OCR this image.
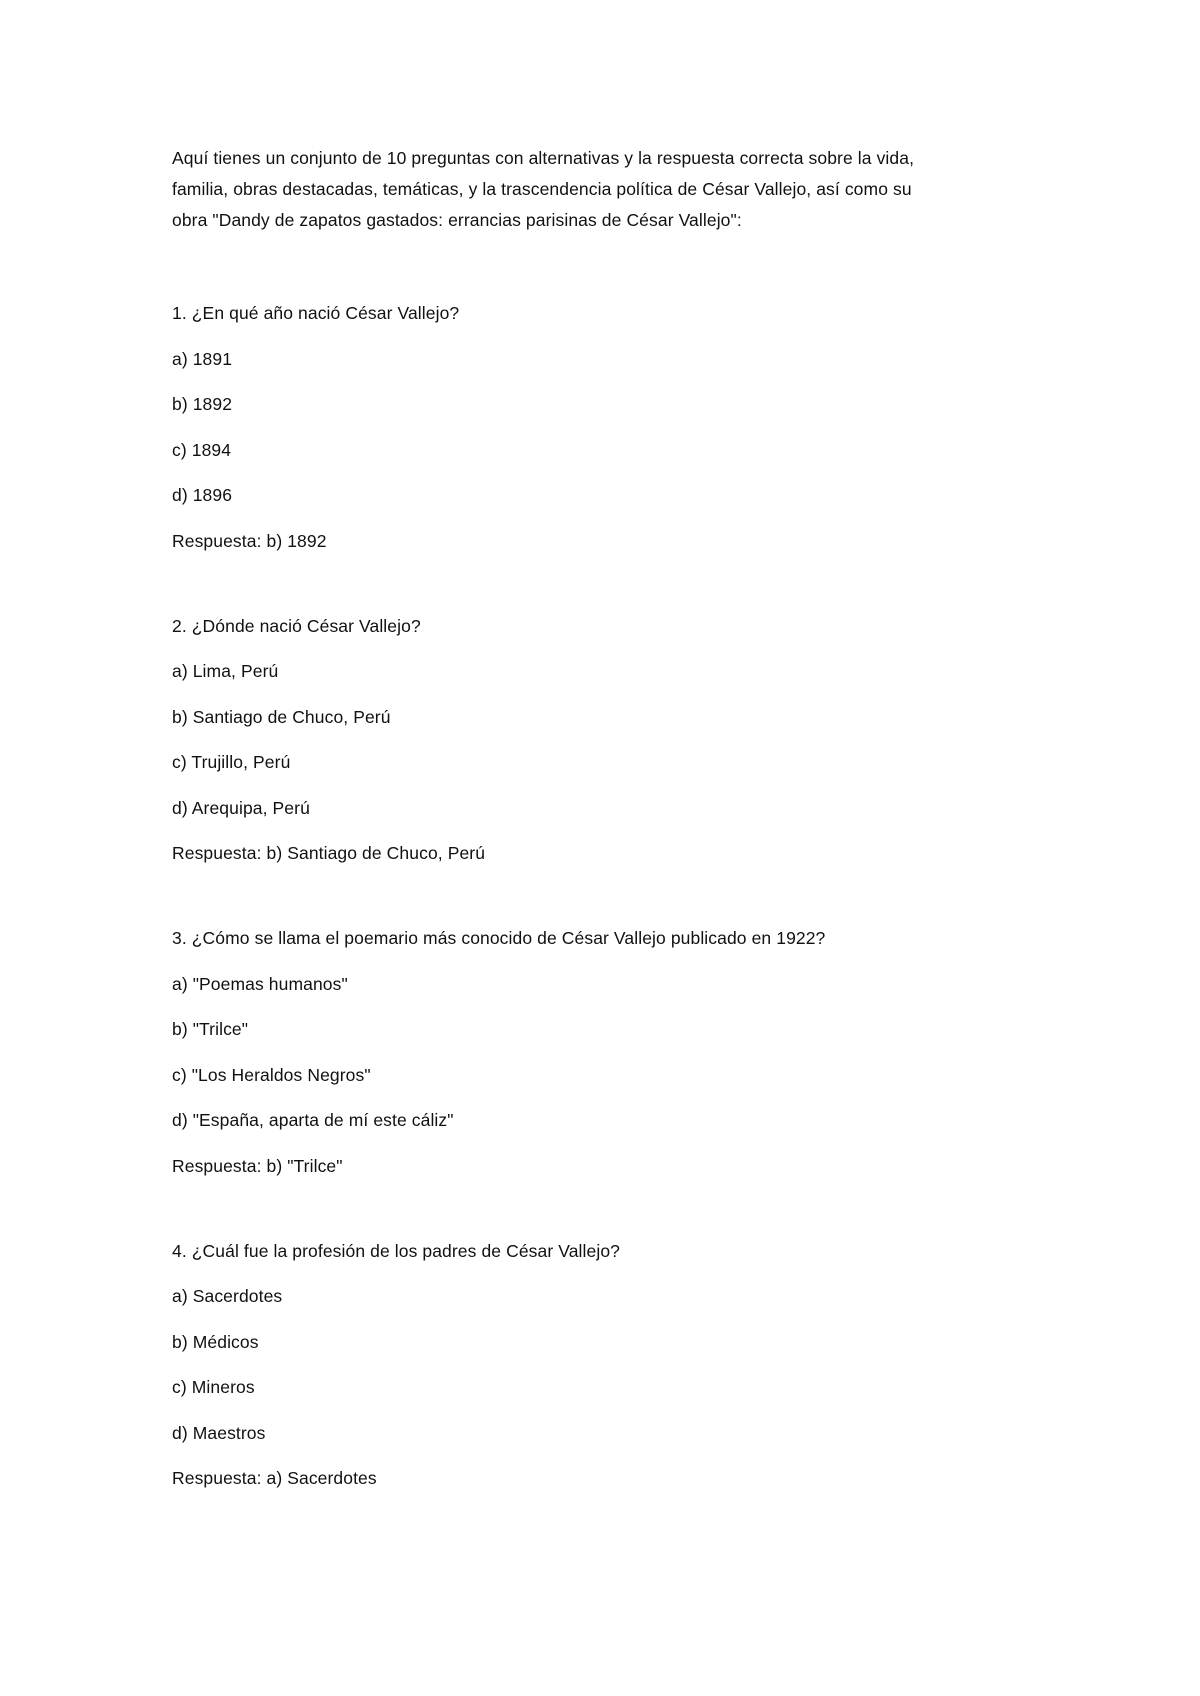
Aquí tienes un conjunto de 10 preguntas con alternativas y la respuesta correcta sobre la vida,
familia, obras destacadas, temáticas, y la trascendencia política de César Vallejo, así como su
obra "Dandy de zapatos gastados: errancias parisinas de César Vallejo":

1. ¿En qué año nació César Vallejo?

a) 1891

b) 1892

c) 1894

d) 1896

Respuesta: b) 1892

2. ¿Dónde nació César Vallejo?

a) Lima, Perú

b) Santiago de Chuco, Perú

c) Trujillo, Perú

d) Arequipa, Perú

Respuesta: b) Santiago de Chuco, Perú

3. ¿Cómo se llama el poemario más conocido de César Vallejo publicado en 1922?

a) "Poemas humanos"

b) "Trilce"

c) "Los Heraldos Negros"

d) "España, aparta de mí este cáliz"

Respuesta: b) "Trilce"

4. ¿Cuál fue la profesión de los padres de César Vallejo?

a) Sacerdotes

b) Médicos

c) Mineros

d) Maestros

Respuesta: a) Sacerdotes
